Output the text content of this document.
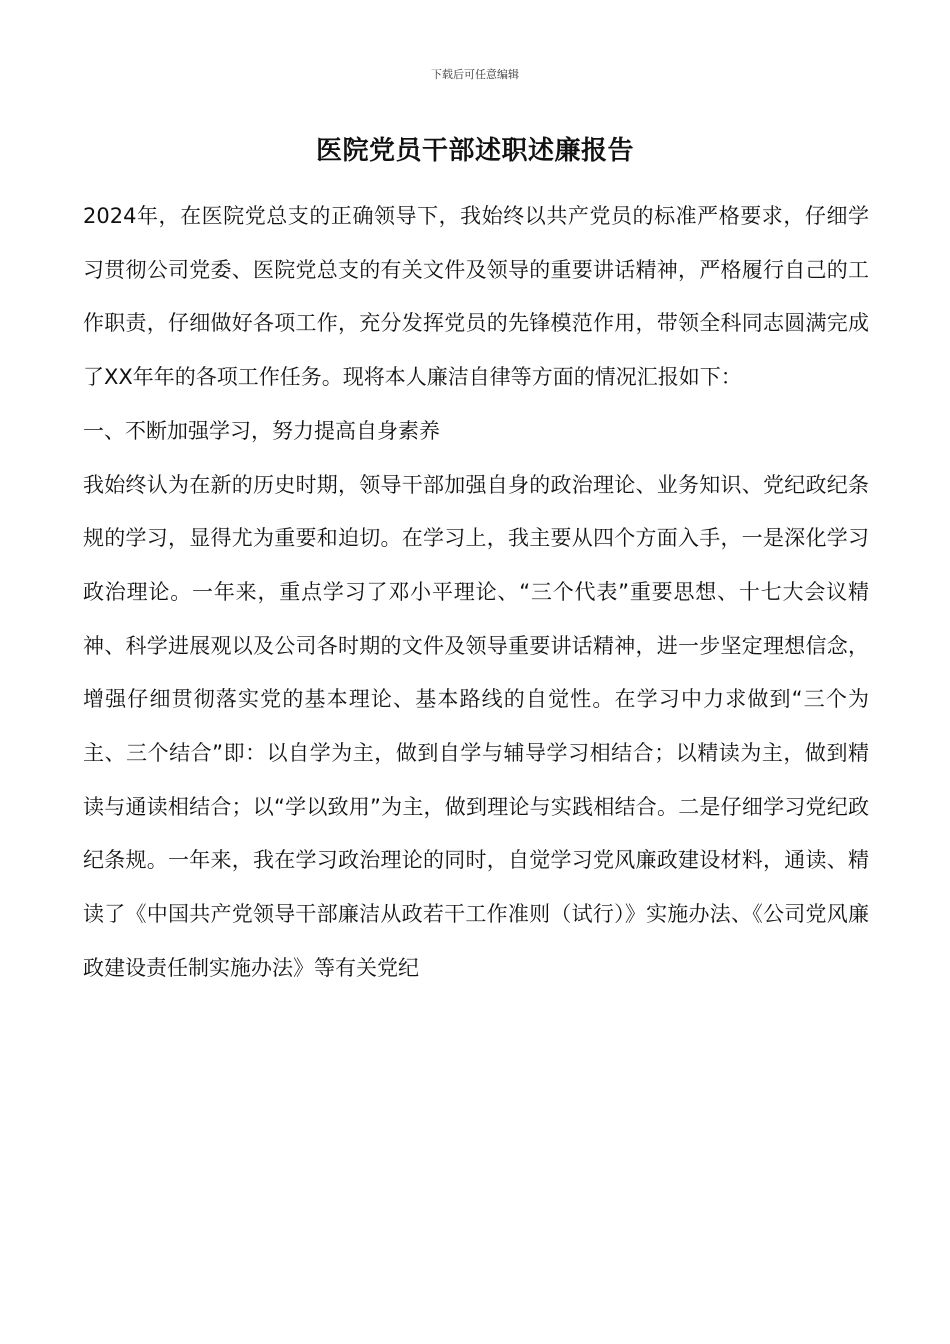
下载后可任意编辑
医院党员干部述职述廉报告

2024年，在医院党总支的正确领导下，我始终以共产党员的标准严格要求，仔细学习贯彻公司党委、医院党总支的有关文件及领导的重要讲话精神，严格履行自己的工作职责，仔细做好各项工作，充分发挥党员的先锋模范作用，带领全科同志圆满完成了XX年年的各项工作任务。现将本人廉洁自律等方面的情况汇报如下：

一、不断加强学习，努力提高自身素养

我始终认为在新的历史时期，领导干部加强自身的政治理论、业务知识、党纪政纪条规的学习，显得尤为重要和迫切。在学习上，我主要从四个方面入手，一是深化学习政治理论。一年来，重点学习了邓小平理论、“三个代表”重要思想、十七大会议精神、科学进展观以及公司各时期的文件及领导重要讲话精神，进一步坚定理想信念，增强仔细贯彻落实党的基本理论、基本路线的自觉性。在学习中力求做到“三个为主、三个结合”即：以自学为主，做到自学与辅导学习相结合；以精读为主，做到精读与通读相结合；以“学以致用”为主，做到理论与实践相结合。二是仔细学习党纪政纪条规。一年来，我在学习政治理论的同时，自觉学习党风廉政建设材料，通读、精读了《中国共产党领导干部廉洁从政若干工作准则（试行）》实施办法、《公司党风廉政建设责任制实施办法》等有关党纪
